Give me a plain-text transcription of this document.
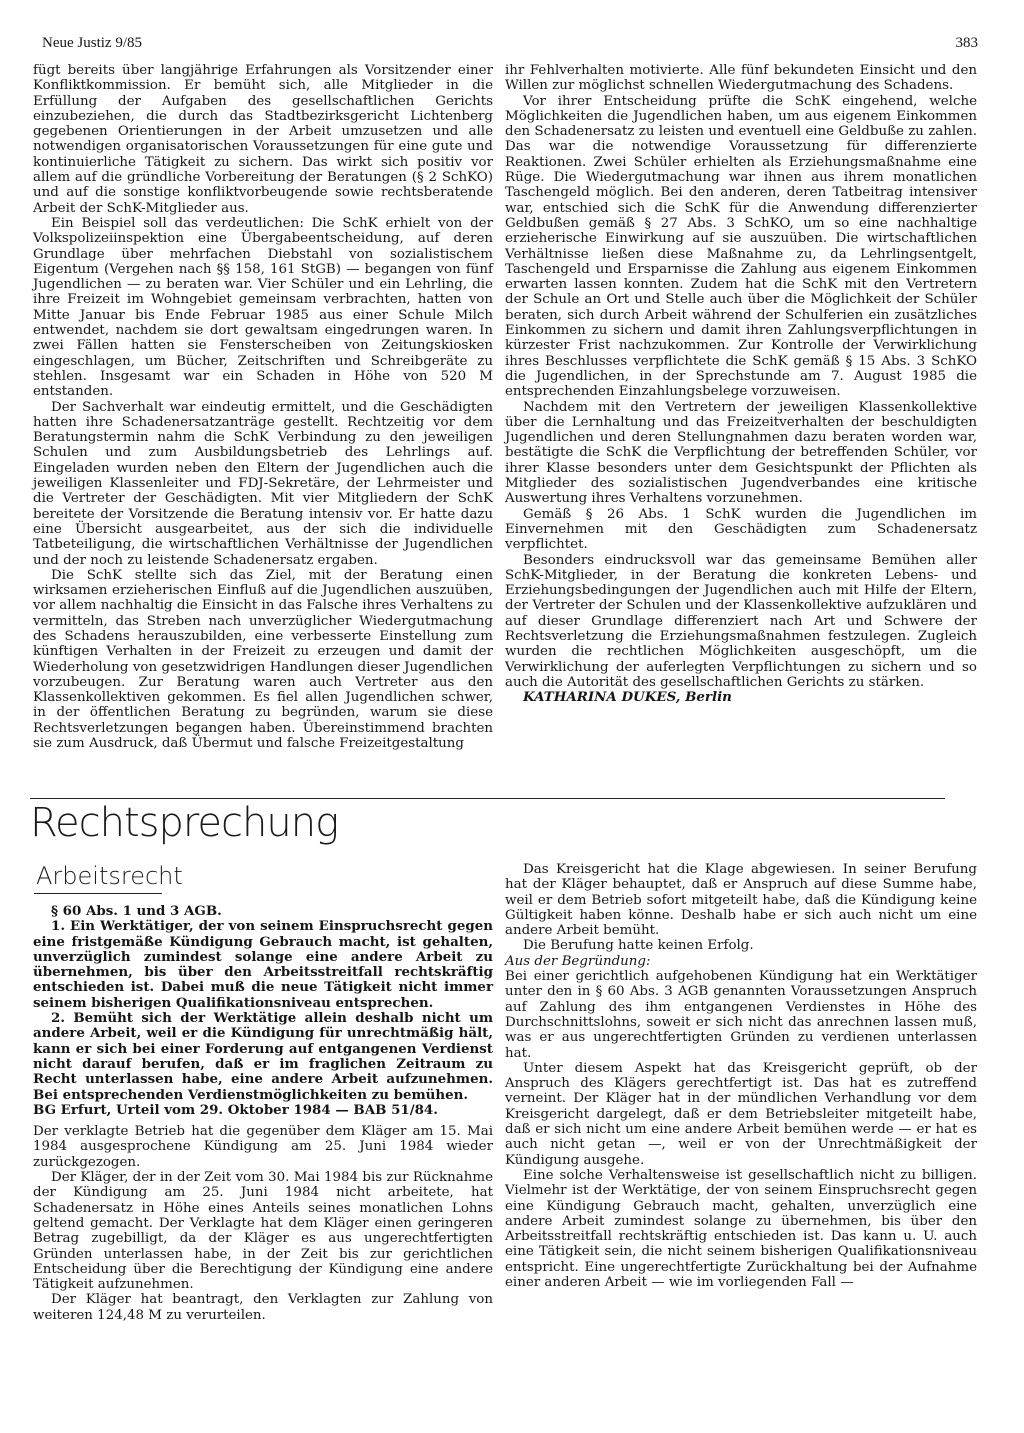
Neue Justiz 9/85	383

fügt bereits über langjährige Erfahrungen als Vorsitzender einer Konfliktkommission. Er bemüht sich, alle Mitglieder in die Erfüllung der Aufgaben des gesellschaftlichen Gerichts einzubeziehen, die durch das Stadtbezirksgericht Lichtenberg gegebenen Orientierungen in der Arbeit umzusetzen und alle notwendigen organisatorischen Voraussetzungen für eine gute und kontinuierliche Tätigkeit zu sichern. Das wirkt sich positiv vor allem auf die gründliche Vorbereitung der Beratungen (§ 2 SchKO) und auf die sonstige konfliktvorbeugende sowie rechtsberatende Arbeit der SchK-Mitglieder aus.

Ein Beispiel soll das verdeutlichen: Die SchK erhielt von der Volkspolizeiinspektion eine Übergabeentscheidung, auf deren Grundlage über mehrfachen Diebstahl von sozialistischem Eigentum (Vergehen nach §§ 158, 161 StGB) — begangen von fünf Jugendlichen — zu beraten war. Vier Schüler und ein Lehrling, die ihre Freizeit im Wohngebiet gemeinsam verbrachten, hatten von Mitte Januar bis Ende Februar 1985 aus einer Schule Milch entwendet, nachdem sie dort gewaltsam eingedrungen waren. In zwei Fällen hatten sie Fensterscheiben von Zeitungskiosken eingeschlagen, um Bücher, Zeitschriften und Schreibgeräte zu stehlen. Insgesamt war ein Schaden in Höhe von 520 M entstanden.

Der Sachverhalt war eindeutig ermittelt, und die Geschädigten hatten ihre Schadenersatzanträge gestellt. Rechtzeitig vor dem Beratungstermin nahm die SchK Verbindung zu den jeweiligen Schulen und zum Ausbildungsbetrieb des Lehrlings auf. Eingeladen wurden neben den Eltern der Jugendlichen auch die jeweiligen Klassenleiter und FDJ-Sekretäre, der Lehrmeister und die Vertreter der Geschädigten. Mit vier Mitgliedern der SchK bereitete der Vorsitzende die Beratung intensiv vor. Er hatte dazu eine Übersicht ausgearbeitet, aus der sich die individuelle Tatbeteiligung, die wirtschaftlichen Verhältnisse der Jugendlichen und der noch zu leistende Schadenersatz ergaben.

Die SchK stellte sich das Ziel, mit der Beratung einen wirksamen erzieherischen Einfluß auf die Jugendlichen auszuüben, vor allem nachhaltig die Einsicht in das Falsche ihres Verhaltens zu vermitteln, das Streben nach unverzüglicher Wiedergutmachung des Schadens herauszubilden, eine verbesserte Einstellung zum künftigen Verhalten in der Freizeit zu erzeugen und damit der Wiederholung von gesetzwidrigen Handlungen dieser Jugendlichen vorzubeugen. Zur Beratung waren auch Vertreter aus den Klassenkollektiven gekommen. Es fiel allen Jugendlichen schwer, in der öffentlichen Beratung zu begründen, warum sie diese Rechtsverletzungen begangen haben. Übereinstimmend brachten sie zum Ausdruck, daß Übermut und falsche Freizeitgestaltung

ihr Fehlverhalten motivierte. Alle fünf bekundeten Einsicht und den Willen zur möglichst schnellen Wiedergutmachung des Schadens.

Vor ihrer Entscheidung prüfte die SchK eingehend, welche Möglichkeiten die Jugendlichen haben, um aus eigenem Einkommen den Schadenersatz zu leisten und eventuell eine Geldbuße zu zahlen. Das war die notwendige Voraussetzung für differenzierte Reaktionen. Zwei Schüler erhielten als Erziehungsmaßnahme eine Rüge. Die Wiedergutmachung war ihnen aus ihrem monatlichen Taschengeld möglich. Bei den anderen, deren Tatbeitrag intensiver war, entschied sich die SchK für die Anwendung differenzierter Geldbußen gemäß § 27 Abs. 3 SchKO, um so eine nachhaltige erzieherische Einwirkung auf sie auszuüben. Die wirtschaftlichen Verhältnisse ließen diese Maßnahme zu, da Lehrlingsentgelt, Taschengeld und Ersparnisse die Zahlung aus eigenem Einkommen erwarten lassen konnten. Zudem hat die SchK mit den Vertretern der Schule an Ort und Stelle auch über die Möglichkeit der Schüler beraten, sich durch Arbeit während der Schulferien ein zusätzliches Einkommen zu sichern und damit ihren Zahlungsverpflichtungen in kürzester Frist nachzukommen. Zur Kontrolle der Verwirklichung ihres Beschlusses verpflichtete die SchK gemäß § 15 Abs. 3 SchKO die Jugendlichen, in der Sprechstunde am 7. August 1985 die entsprechenden Einzahlungsbelege vorzuweisen.

Nachdem mit den Vertretern der jeweiligen Klassenkollektive über die Lernhaltung und das Freizeitverhalten der beschuldigten Jugendlichen und deren Stellungnahmen dazu beraten worden war, bestätigte die SchK die Verpflichtung der betreffenden Schüler, vor ihrer Klasse besonders unter dem Gesichtspunkt der Pflichten als Mitglieder des sozialistischen Jugendverbandes eine kritische Auswertung ihres Verhaltens vorzunehmen.

Gemäß § 26 Abs. 1 SchK wurden die Jugendlichen im Einvernehmen mit den Geschädigten zum Schadenersatz verpflichtet.

Besonders eindrucksvoll war das gemeinsame Bemühen aller SchK-Mitglieder, in der Beratung die konkreten Lebens- und Erziehungsbedingungen der Jugendlichen auch mit Hilfe der Eltern, der Vertreter der Schulen und der Klassenkollektive aufzuklären und auf dieser Grundlage differenziert nach Art und Schwere der Rechtsverletzung die Erziehungsmaßnahmen festzulegen. Zugleich wurden die rechtlichen Möglichkeiten ausgeschöpft, um die Verwirklichung der auferlegten Verpflichtungen zu sichern und so auch die Autorität des gesellschaftlichen Gerichts zu stärken.

KATHARINA DUKES, Berlin

Rechtsprechung
Arbeitsrecht

§ 60 Abs. 1 und 3 AGB.

1. Ein Werktätiger, der von seinem Einspruchsrecht gegen eine fristgemäße Kündigung Gebrauch macht, ist gehalten, unverzüglich zumindest solange eine andere Arbeit zu übernehmen, bis über den Arbeitsstreitfall rechtskräftig entschieden ist. Dabei muß die neue Tätigkeit nicht immer seinem bisherigen Qualifikationsniveau entsprechen.

2. Bemüht sich der Werktätige allein deshalb nicht um andere Arbeit, weil er die Kündigung für unrechtmäßig hält, kann er sich bei einer Forderung auf entgangenen Verdienst nicht darauf berufen, daß er im fraglichen Zeitraum zu Recht unterlassen habe, eine andere Arbeit aufzunehmen. Bei entsprechenden Verdienstmöglichkeiten zu bemühen.

BG Erfurt, Urteil vom 29. Oktober 1984 — BAB 51/84.

Der verklagte Betrieb hat die gegenüber dem Kläger am 15. Mai 1984 ausgesprochene Kündigung am 25. Juni 1984 wieder zurückgezogen.

Der Kläger, der in der Zeit vom 30. Mai 1984 bis zur Rücknahme der Kündigung am 25. Juni 1984 nicht arbeitete, hat Schadenersatz in Höhe eines Anteils seines monatlichen Lohns geltend gemacht. Der Verklagte hat dem Kläger einen geringeren Betrag zugebilligt, da der Kläger es aus ungerechtfertigten Gründen unterlassen habe, in der Zeit bis zur gerichtlichen Entscheidung über die Berechtigung der Kündigung eine andere Tätigkeit aufzunehmen.

Der Kläger hat beantragt, den Verklagten zur Zahlung von weiteren 124,48 M zu verurteilen.

Das Kreisgericht hat die Klage abgewiesen. In seiner Berufung hat der Kläger behauptet, daß er Anspruch auf diese Summe habe, weil er dem Betrieb sofort mitgeteilt habe, daß die Kündigung keine Gültigkeit haben könne. Deshalb habe er sich auch nicht um eine andere Arbeit bemüht.

Die Berufung hatte keinen Erfolg.

Aus der Begründung:

Bei einer gerichtlich aufgehobenen Kündigung hat ein Werktätiger unter den in § 60 Abs. 3 AGB genannten Voraussetzungen Anspruch auf Zahlung des ihm entgangenen Verdienstes in Höhe des Durchschnittslohns, soweit er sich nicht das anrechnen lassen muß, was er aus ungerechtfertigten Gründen zu verdienen unterlassen hat.

Unter diesem Aspekt hat das Kreisgericht geprüft, ob der Anspruch des Klägers gerechtfertigt ist. Das hat es zutreffend verneint. Der Kläger hat in der mündlichen Verhandlung vor dem Kreisgericht dargelegt, daß er dem Betriebsleiter mitgeteilt habe, daß er sich nicht um eine andere Arbeit bemühen werde — er hat es auch nicht getan —, weil er von der Unrechtmäßigkeit der Kündigung ausgehe.

Eine solche Verhaltensweise ist gesellschaftlich nicht zu billigen. Vielmehr ist der Werktätige, der von seinem Einspruchsrecht gegen eine Kündigung Gebrauch macht, gehalten, unverzüglich eine andere Arbeit zumindest solange zu übernehmen, bis über den Arbeitsstreitfall rechtskräftig entschieden ist. Das kann u. U. auch eine Tätigkeit sein, die nicht seinem bisherigen Qualifikationsniveau entspricht. Eine ungerechtfertigte Zurückhaltung bei der Aufnahme einer anderen Arbeit — wie im vorliegenden Fall —
